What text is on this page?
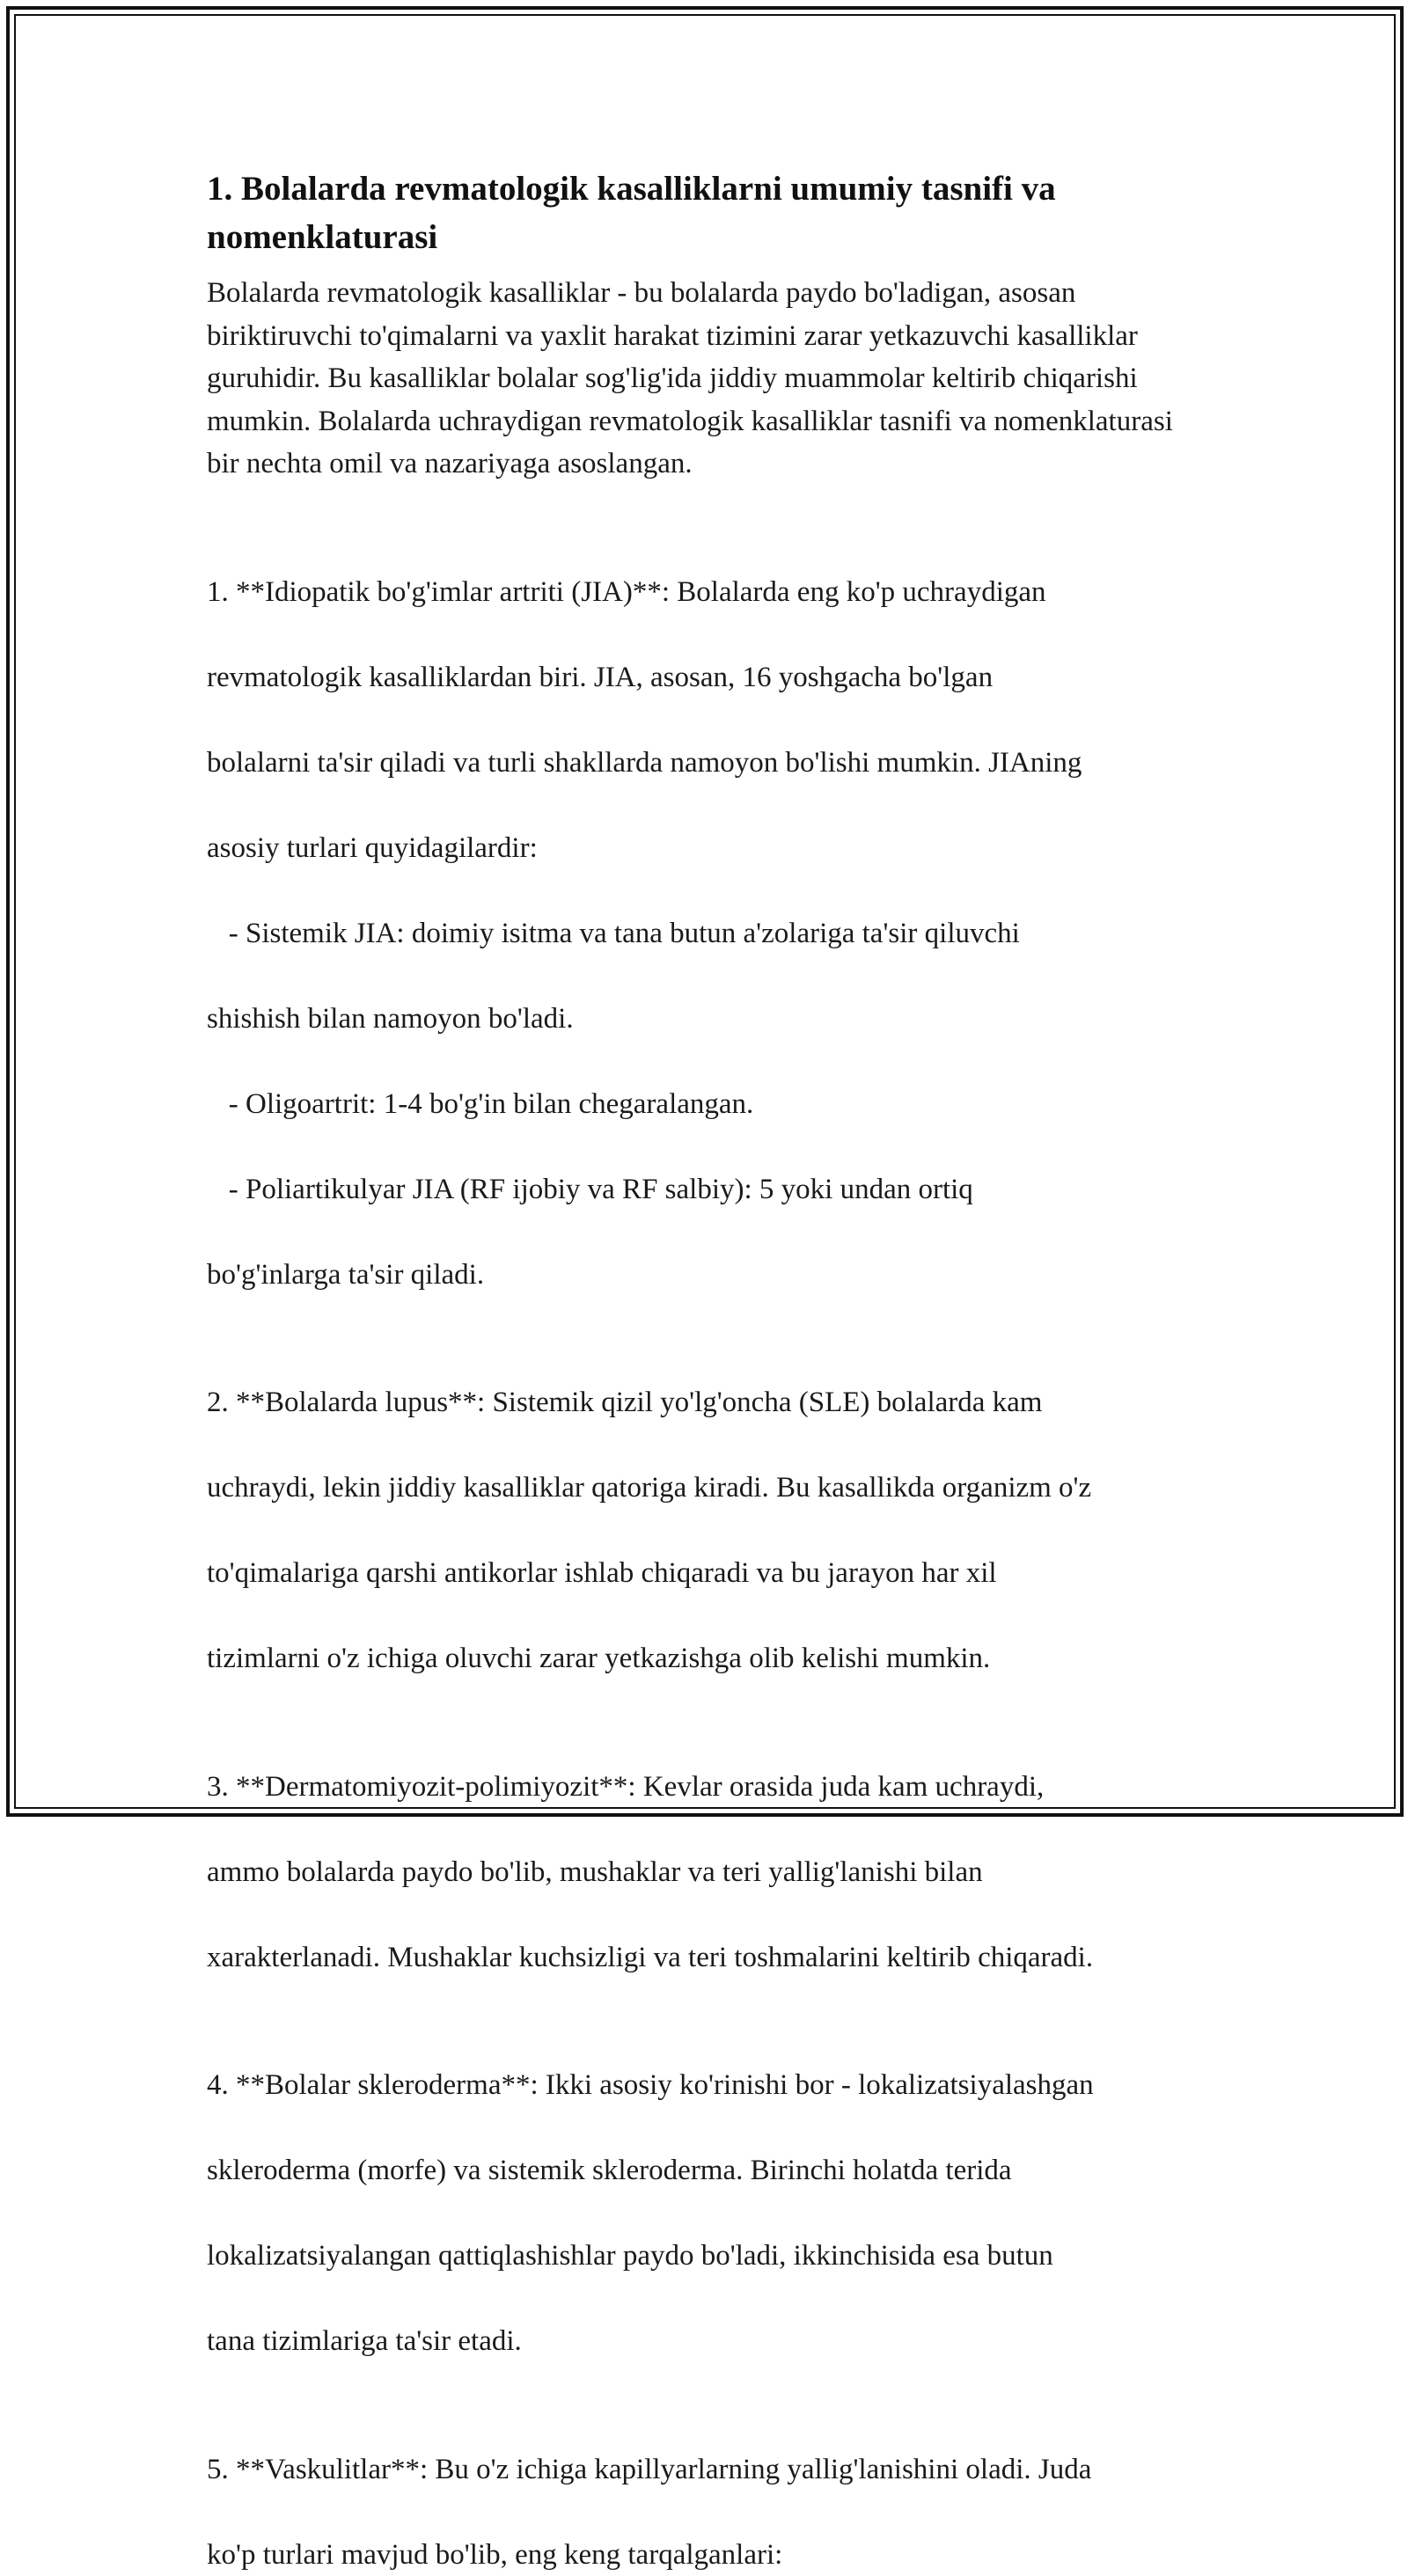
1. Bolalarda revmatologik kasalliklarni umumiy tasnifi va nomenklaturasi

Bolalarda revmatologik kasalliklar - bu bolalarda paydo bo'ladigan, asosan biriktiruvchi to'qimalarni va yaxlit harakat tizimini zarar yetkazuvchi kasalliklar guruhidir. Bu kasalliklar bolalar sog'lig'ida jiddiy muammolar keltirib chiqarishi mumkin. Bolalarda uchraydigan revmatologik kasalliklar tasnifi va nomenklaturasi bir nechta omil va nazariyaga asoslangan.

1. **Idiopatik bo'g'imlar artriti (JIA)**: Bolalarda eng ko'p uchraydigan

revmatologik kasalliklardan biri. JIA, asosan, 16 yoshgacha bo'lgan

bolalarni ta'sir qiladi va turli shakllarda namoyon bo'lishi mumkin. JIAning

asosiy turlari quyidagilardir:

- Sistemik JIA: doimiy isitma va tana butun a'zolariga ta'sir qiluvchi

shishish bilan namoyon bo'ladi.

- Oligoartrit: 1-4 bo'g'in bilan chegaralangan.

- Poliartikulyar JIA (RF ijobiy va RF salbiy): 5 yoki undan ortiq

bo'g'inlarga ta'sir qiladi.

2. **Bolalarda lupus**: Sistemik qizil yo'lg'oncha (SLE) bolalarda kam

uchraydi, lekin jiddiy kasalliklar qatoriga kiradi. Bu kasallikda organizm o'z

to'qimalariga qarshi antikorlar ishlab chiqaradi va bu jarayon har xil

tizimlarni o'z ichiga oluvchi zarar yetkazishga olib kelishi mumkin.

3. **Dermatomiyozit-polimiyozit**: Kevlar orasida juda kam uchraydi,

ammo bolalarda paydo bo'lib, mushaklar va teri yallig'lanishi bilan

xarakterlanadi. Mushaklar kuchsizligi va teri toshmalarini keltirib chiqaradi.

4. **Bolalar skleroderma**: Ikki asosiy ko'rinishi bor - lokalizatsiyalashgan

skleroderma (morfe) va sistemik skleroderma. Birinchi holatda terida

lokalizatsiyalangan qattiqlashishlar paydo bo'ladi, ikkinchisida esa butun

tana tizimlariga ta'sir etadi.

5. **Vaskulitlar**: Bu o'z ichiga kapillyarlarning yallig'lanishini oladi. Juda

ko'p turlari mavjud bo'lib, eng keng tarqalganlari:
